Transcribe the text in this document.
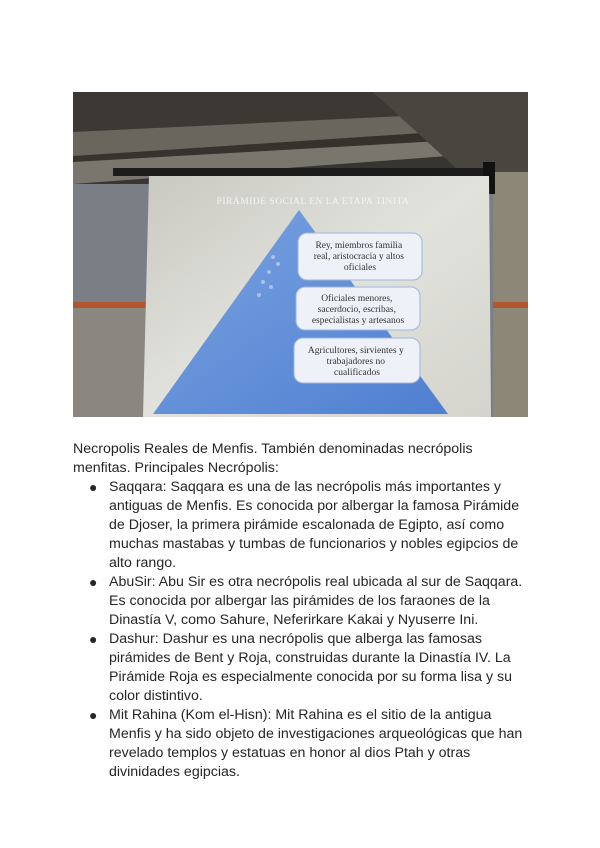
PIRÁMIDE SOCIAL EN LA ETAPA TINITA
Rey, miembros familia real, aristocracia y altos oficiales
Oficiales menores, sacerdocio, escribas, especialistas y artesanos
Agricultores, sirvientes y trabajadores no cualificados

Necropolis Reales de Menfis. También denominadas necrópolis menfitas. Principales Necrópolis:

● Saqqara: Saqqara es una de las necrópolis más importantes y antiguas de Menfis. Es conocida por albergar la famosa Pirámide de Djoser, la primera pirámide escalonada de Egipto, así como muchas mastabas y tumbas de funcionarios y nobles egipcios de alto rango.
● AbuSir: Abu Sir es otra necrópolis real ubicada al sur de Saqqara. Es conocida por albergar las pirámides de los faraones de la Dinastía V, como Sahure, Neferirkare Kakai y Nyuserre Ini.
● Dashur: Dashur es una necrópolis que alberga las famosas pirámides de Bent y Roja, construidas durante la Dinastía IV. La Pirámide Roja es especialmente conocida por su forma lisa y su color distintivo.
● Mit Rahina (Kom el-Hisn): Mit Rahina es el sitio de la antigua Menfis y ha sido objeto de investigaciones arqueológicas que han revelado templos y estatuas en honor al dios Ptah y otras divinidades egipcias.
